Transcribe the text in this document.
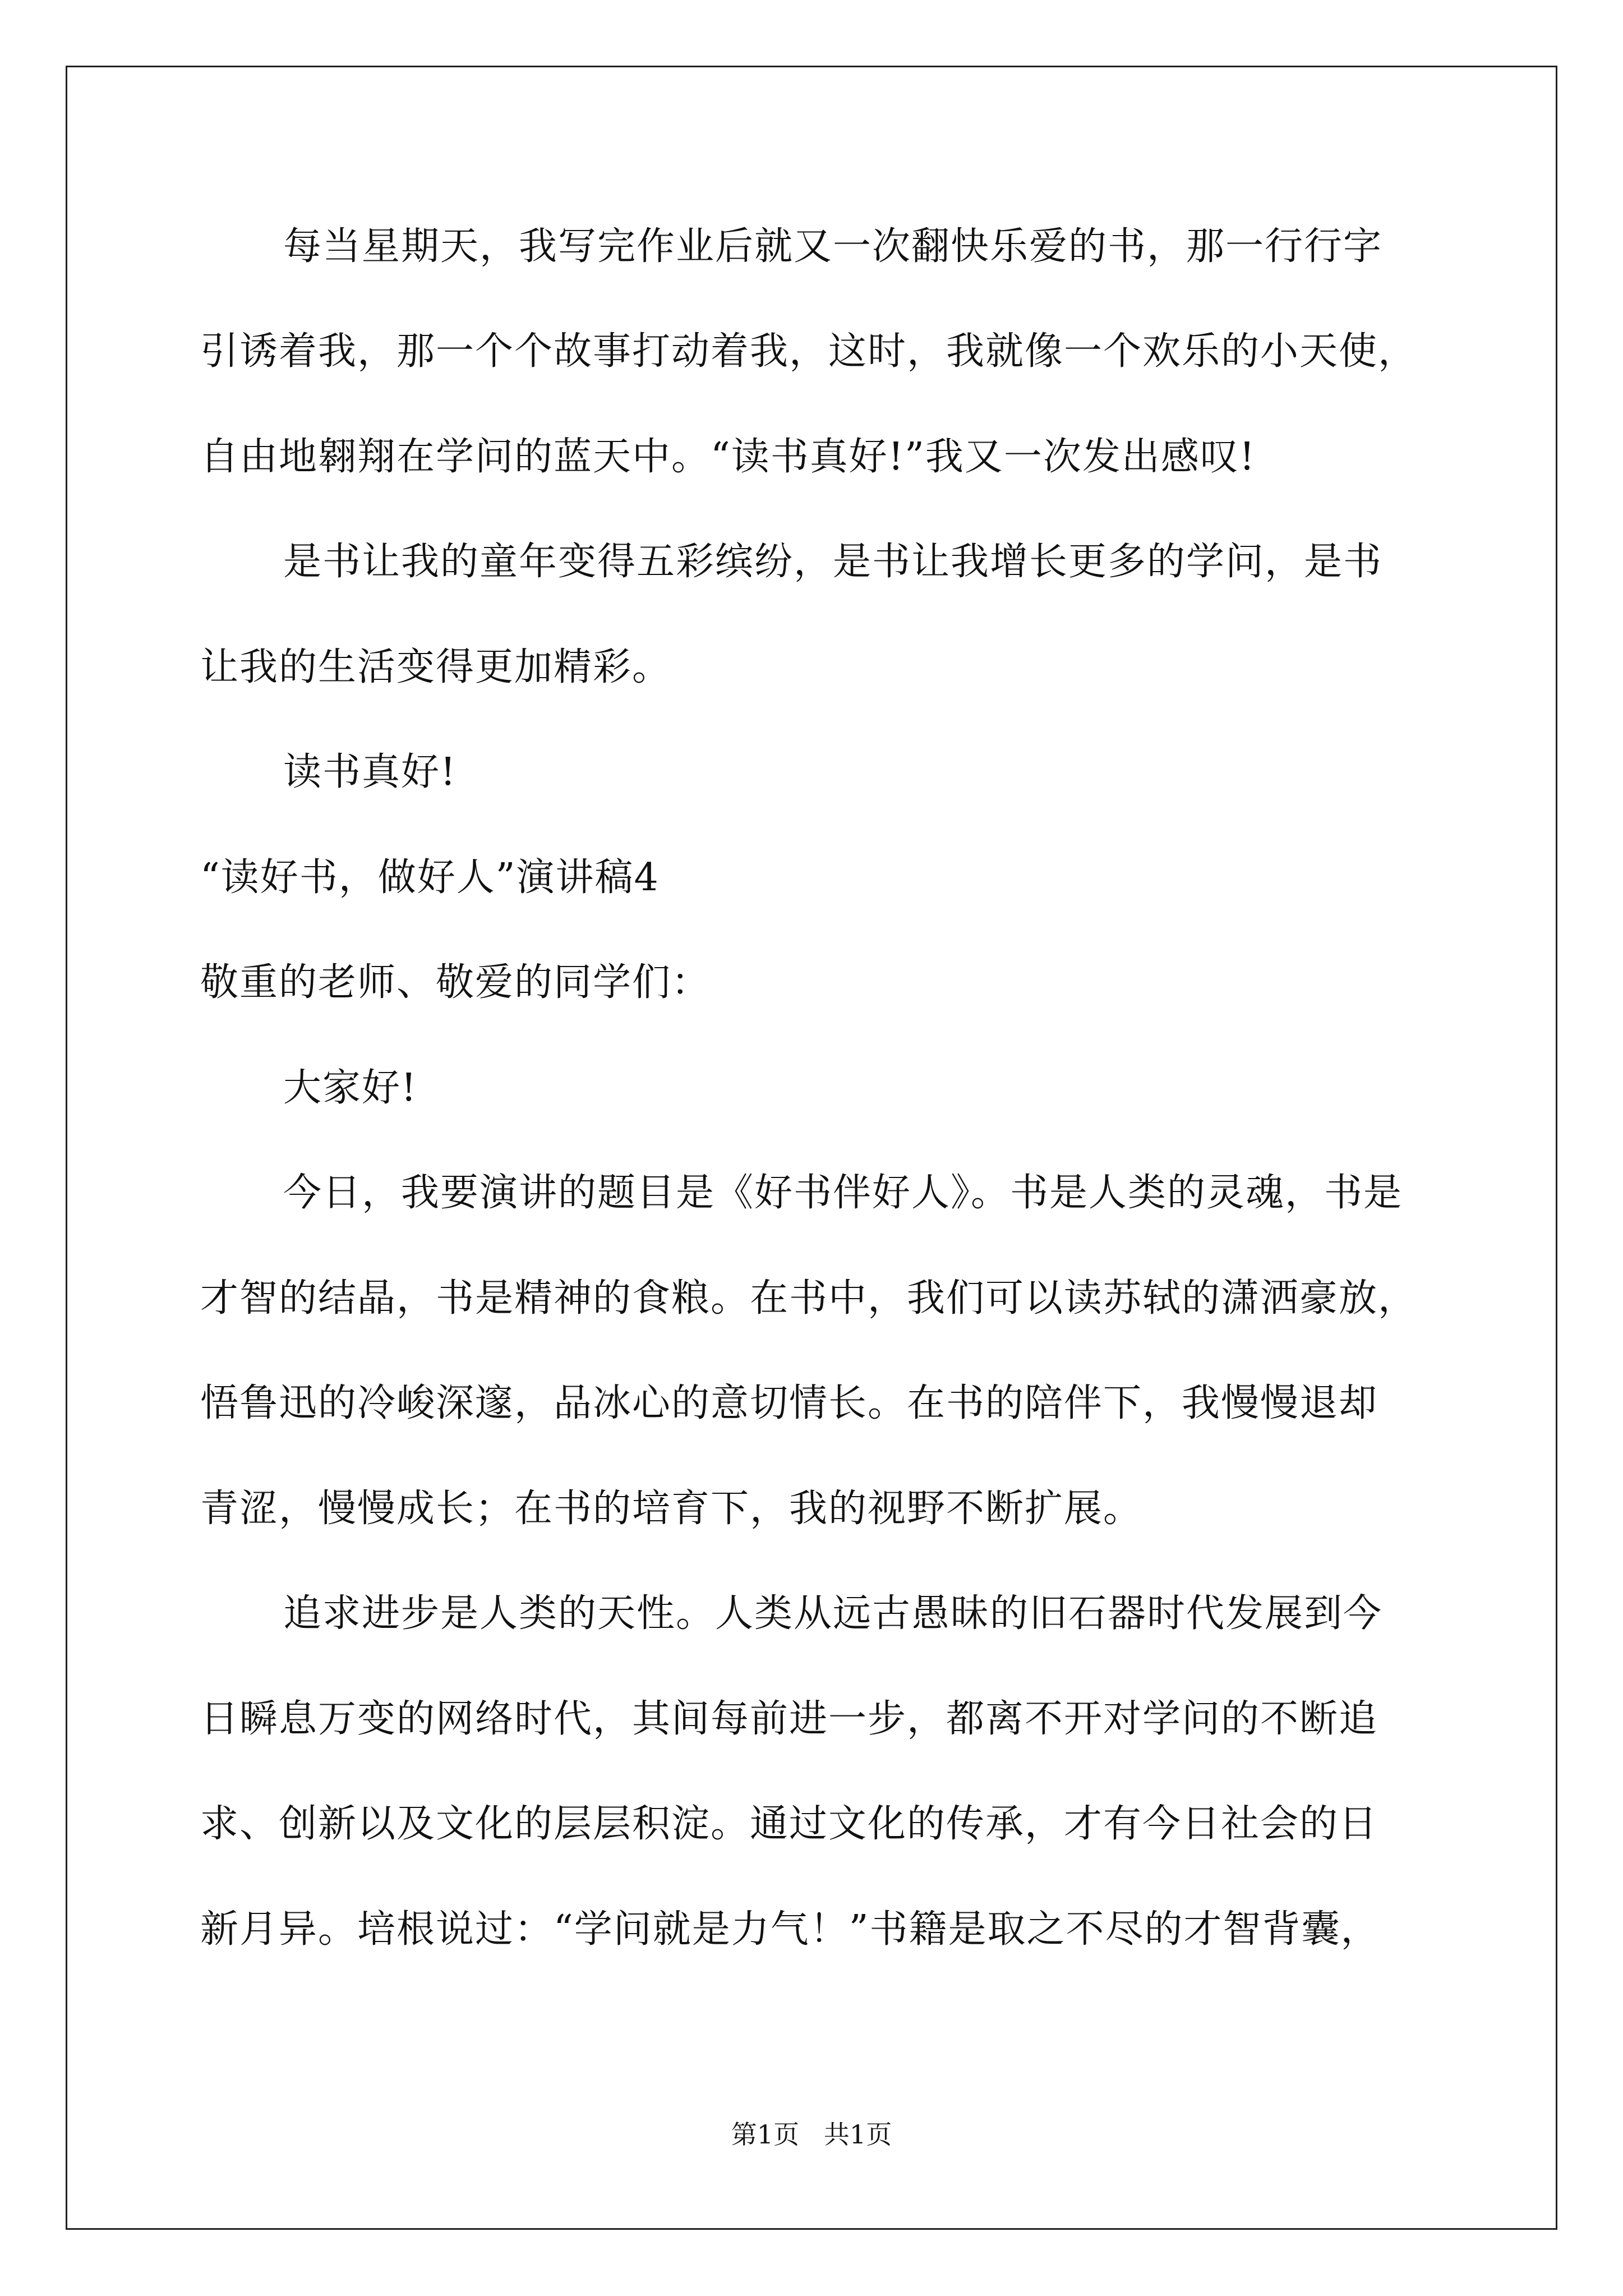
每当星期天，我写完作业后就又一次翻快乐爱的书，那一行行字
引诱着我，那一个个故事打动着我，这时，我就像一个欢乐的小天使，
自由地翱翔在学问的蓝天中。“读书真好!”我又一次发出感叹!
是书让我的童年变得五彩缤纷，是书让我增长更多的学问，是书
让我的生活变得更加精彩。
读书真好!
“读好书，做好人”演讲稿4
敬重的老师、敬爱的同学们：
大家好!
今日，我要演讲的题目是《好书伴好人》。书是人类的灵魂，书是
才智的结晶，书是精神的食粮。在书中，我们可以读苏轼的潇洒豪放，
悟鲁迅的冷峻深邃，品冰心的意切情长。在书的陪伴下，我慢慢退却
青涩，慢慢成长；在书的培育下，我的视野不断扩展。
追求进步是人类的天性。人类从远古愚昧的旧石器时代发展到今
日瞬息万变的网络时代，其间每前进一步，都离不开对学问的不断追
求、创新以及文化的层层积淀。通过文化的传承，才有今日社会的日
新月异。培根说过：“学问就是力气！”书籍是取之不尽的才智背囊，
第1页   共1页
